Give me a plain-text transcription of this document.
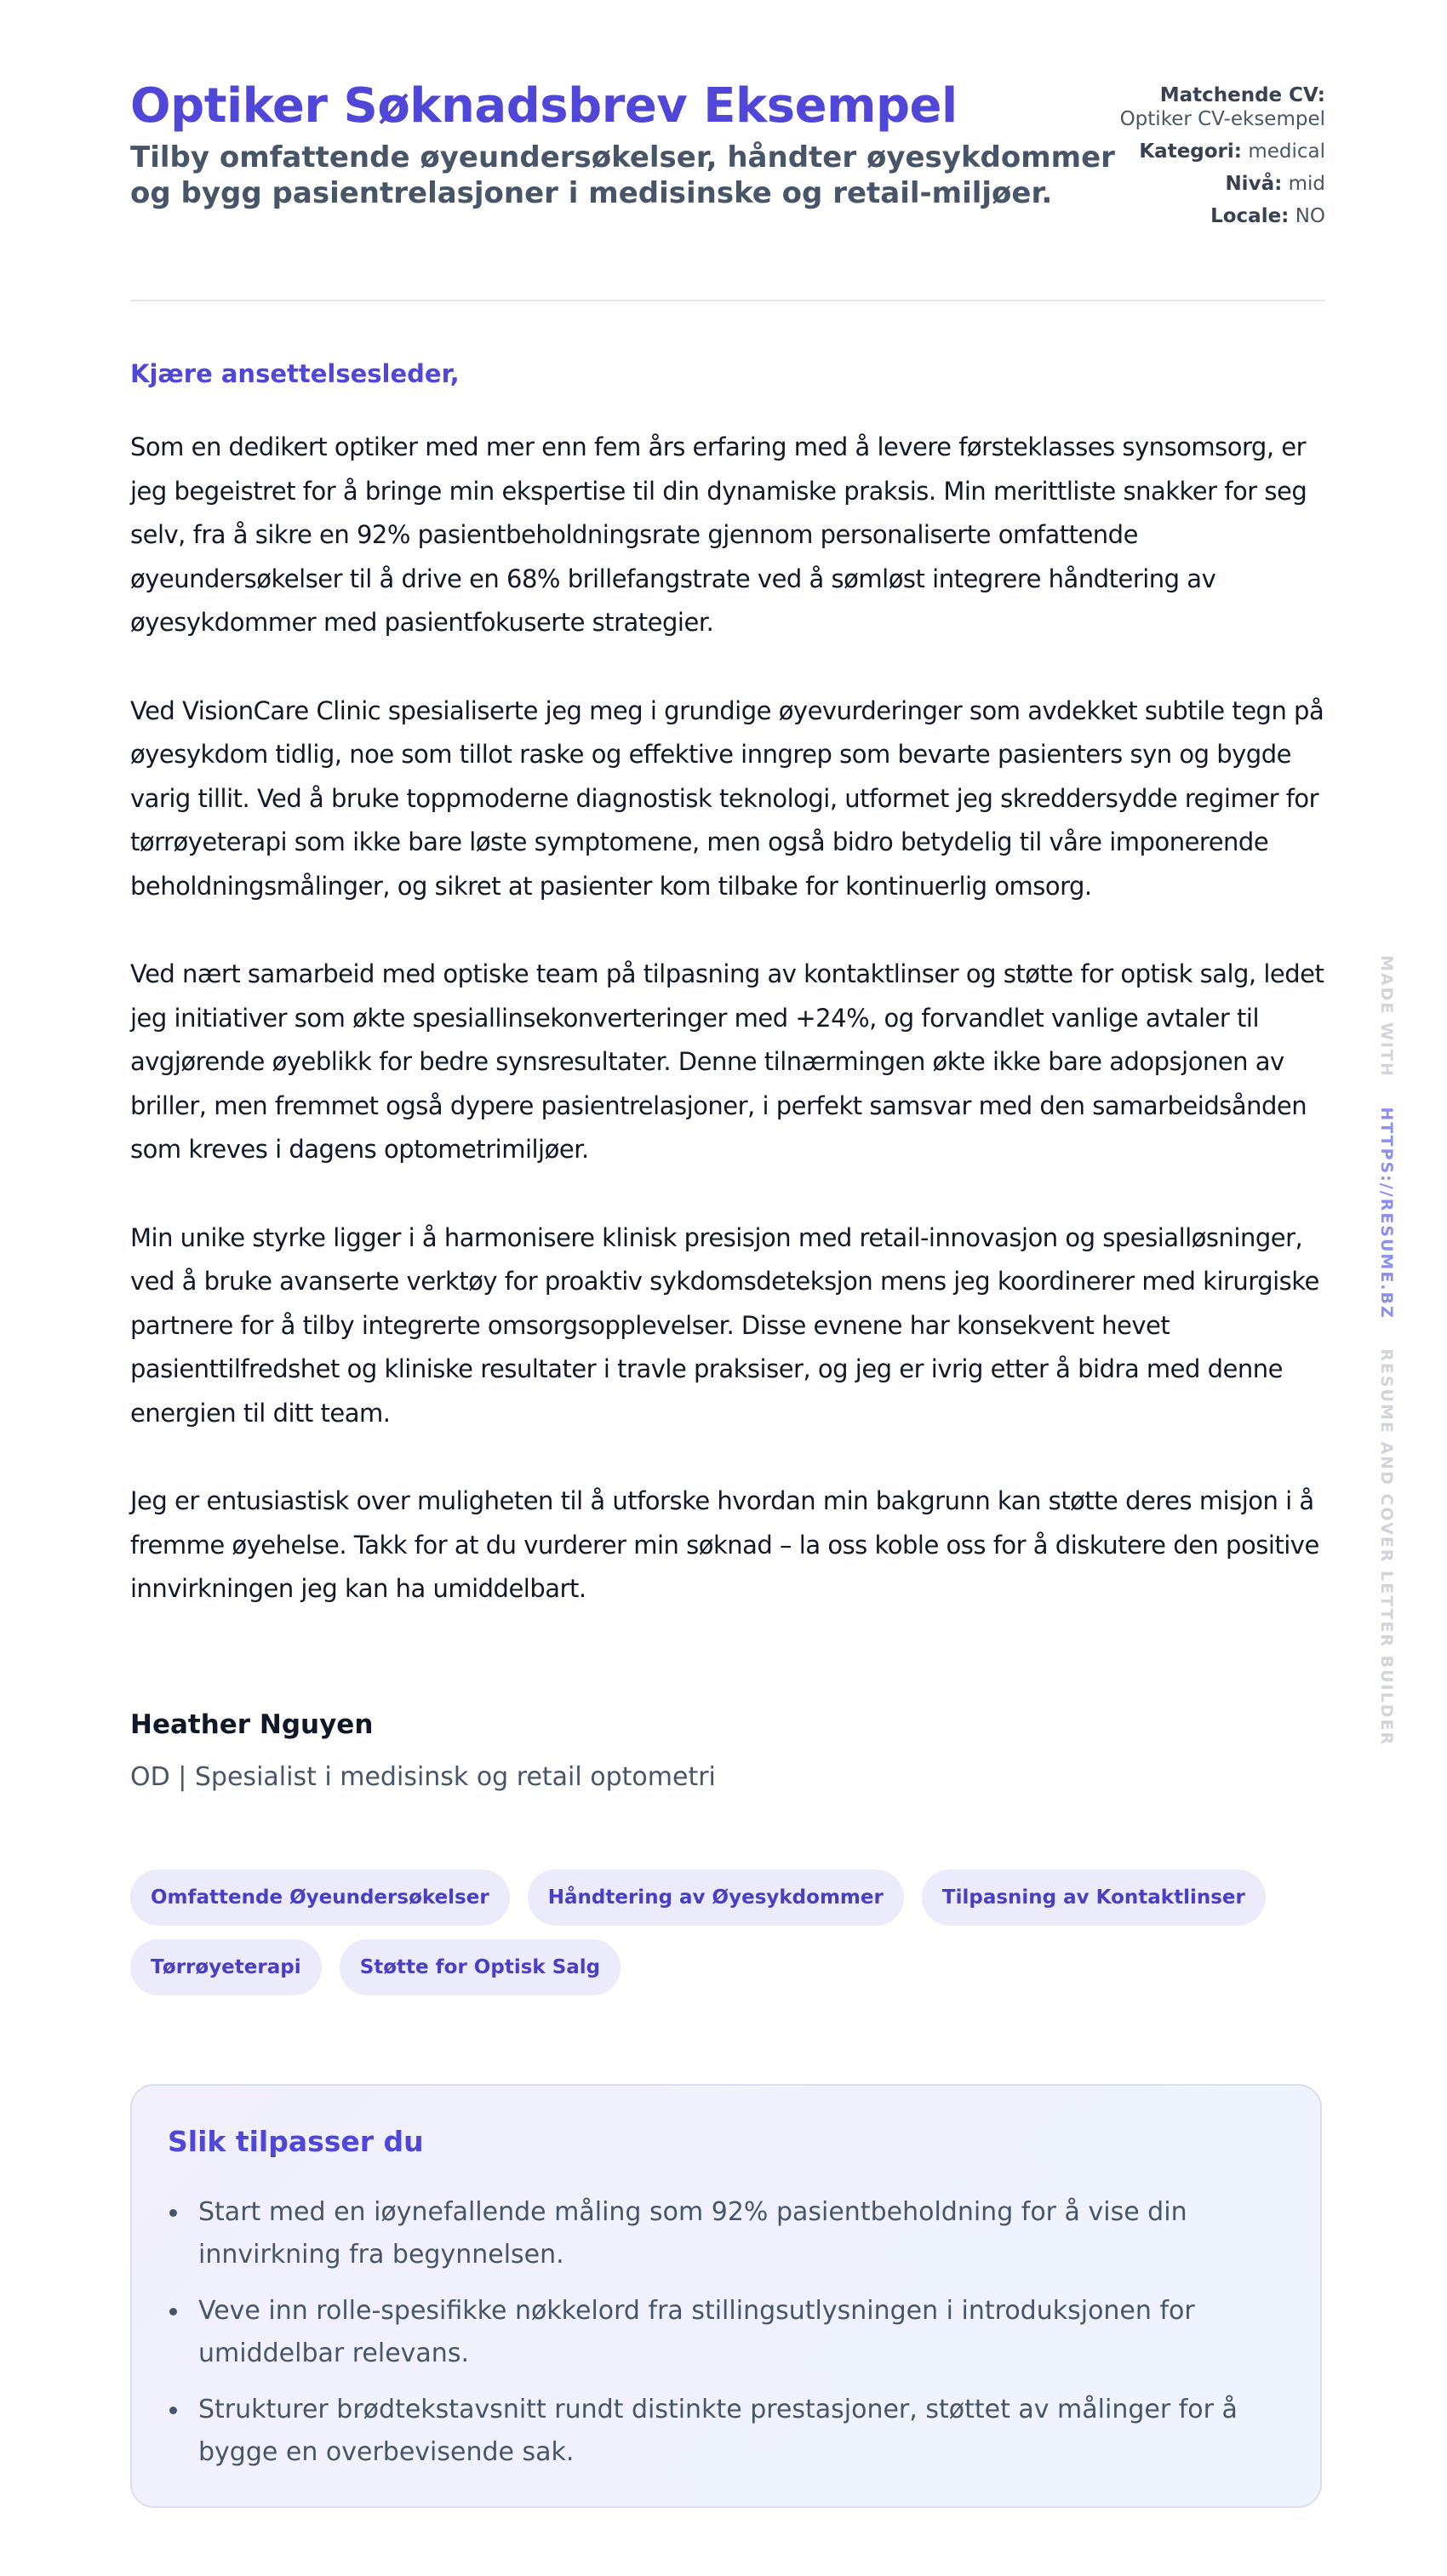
Optiker Søknadsbrev Eksempel

Tilby omfattende øyeundersøkelser, håndter øyesykdommer og bygg pasientrelasjoner i medisinske og retail-miljøer.

Matchende CV:
Optiker CV-eksempel
Kategori: medical
Nivå: mid
Locale: NO
Kjære ansettelsesleder,

Som en dedikert optiker med mer enn fem års erfaring med å levere førsteklasses synsomsorg, er jeg begeistret for å bringe min ekspertise til din dynamiske praksis. Min merittliste snakker for seg selv, fra å sikre en 92% pasientbeholdningsrate gjennom personaliserte omfattende øyeundersøkelser til å drive en 68% brillefangstrate ved å sømløst integrere håndtering av øyesykdommer med pasientfokuserte strategier.

Ved VisionCare Clinic spesialiserte jeg meg i grundige øyevurderinger som avdekket subtile tegn på øyesykdom tidlig, noe som tillot raske og effektive inngrep som bevarte pasienters syn og bygde varig tillit. Ved å bruke toppmoderne diagnostisk teknologi, utformet jeg skreddersydde regimer for tørrøyeterapi som ikke bare løste symptomene, men også bidro betydelig til våre imponerende beholdningsmålinger, og sikret at pasienter kom tilbake for kontinuerlig omsorg.

Ved nært samarbeid med optiske team på tilpasning av kontaktlinser og støtte for optisk salg, ledet jeg initiativer som økte spesiallinsekonverteringer med +24%, og forvandlet vanlige avtaler til avgjørende øyeblikk for bedre synsresultater. Denne tilnærmingen økte ikke bare adopsjonen av briller, men fremmet også dypere pasientrelasjoner, i perfekt samsvar med den samarbeidsånden som kreves i dagens optometrimiljøer.

Min unike styrke ligger i å harmonisere klinisk presisjon med retail-innovasjon og spesialløsninger, ved å bruke avanserte verktøy for proaktiv sykdomsdeteksjon mens jeg koordinerer med kirurgiske partnere for å tilby integrerte omsorgsopplevelser. Disse evnene har konsekvent hevet pasienttilfredshet og kliniske resultater i travle praksiser, og jeg er ivrig etter å bidra med denne energien til ditt team.

Jeg er entusiastisk over muligheten til å utforske hvordan min bakgrunn kan støtte deres misjon i å fremme øyehelse. Takk for at du vurderer min søknad – la oss koble oss for å diskutere den positive innvirkningen jeg kan ha umiddelbart.

Heather Nguyen
OD | Spesialist i medisinsk og retail optometri
Omfattende Øyeundersøkelser	Håndtering av Øyesykdommer	Tilpasning av Kontaktlinser
Tørrøyeterapi	Støtte for Optisk Salg
Slik tilpasser du
Start med en iøynefallende måling som 92% pasientbeholdning for å vise din innvirkning fra begynnelsen.
Veve inn rolle-spesifikke nøkkelord fra stillingsutlysningen i introduksjonen for umiddelbar relevans.
Strukturer brødtekstavsnitt rundt distinkte prestasjoner, støttet av målinger for å bygge en overbevisende sak.
MADE WITH    HTTPS://RESUME.BZ    RESUME AND COVER LETTER BUILDER
